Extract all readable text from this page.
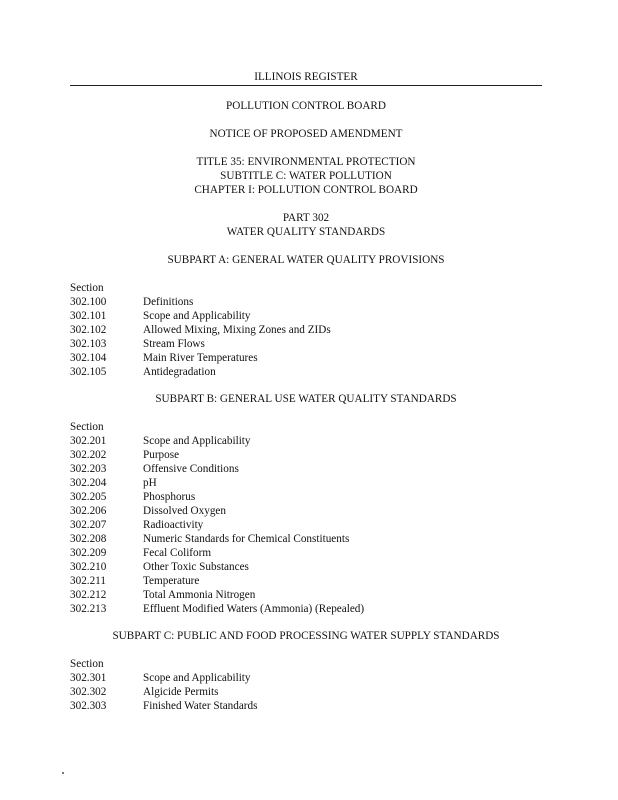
ILLINOIS REGISTER
POLLUTION CONTROL BOARD
NOTICE OF PROPOSED AMENDMENT
TITLE 35: ENVIRONMENTAL PROTECTION
SUBTITLE C: WATER POLLUTION
CHAPTER I: POLLUTION CONTROL BOARD
PART 302
WATER QUALITY STANDARDS
SUBPART A: GENERAL WATER QUALITY PROVISIONS
Section
302.100	Definitions
302.101	Scope and Applicability
302.102	Allowed Mixing, Mixing Zones and ZIDs
302.103	Stream Flows
302.104	Main River Temperatures
302.105	Antidegradation
SUBPART B: GENERAL USE WATER QUALITY STANDARDS
Section
302.201	Scope and Applicability
302.202	Purpose
302.203	Offensive Conditions
302.204	pH
302.205	Phosphorus
302.206	Dissolved Oxygen
302.207	Radioactivity
302.208	Numeric Standards for Chemical Constituents
302.209	Fecal Coliform
302.210	Other Toxic Substances
302.211	Temperature
302.212	Total Ammonia Nitrogen
302.213	Effluent Modified Waters (Ammonia) (Repealed)
SUBPART C: PUBLIC AND FOOD PROCESSING WATER SUPPLY STANDARDS
Section
302.301	Scope and Applicability
302.302	Algicide Permits
302.303	Finished Water Standards
